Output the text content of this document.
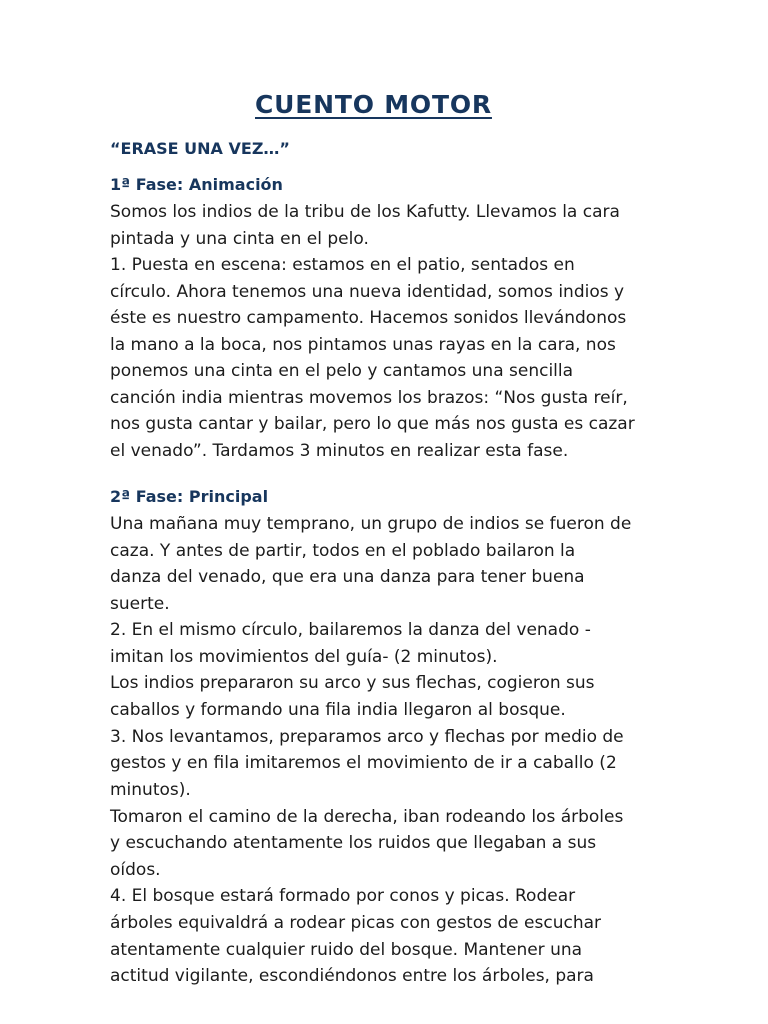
CUENTO MOTOR

“ERASE UNA VEZ…”

1ª Fase: Animación

Somos los indios de la tribu de los Kafutty. Llevamos la cara

pintada y una cinta en el pelo.

1. Puesta en escena: estamos en el patio, sentados en

círculo. Ahora tenemos una nueva identidad, somos indios y

éste es nuestro campamento. Hacemos sonidos llevándonos

la mano a la boca, nos pintamos unas rayas en la cara, nos

ponemos una cinta en el pelo y cantamos una sencilla

canción india mientras movemos los brazos: “Nos gusta reír,

nos gusta cantar y bailar, pero lo que más nos gusta es cazar

el venado”. Tardamos 3 minutos en realizar esta fase.

2ª Fase: Principal

Una mañana muy temprano, un grupo de indios se fueron de

caza. Y antes de partir, todos en el poblado bailaron la

danza del venado, que era una danza para tener buena

suerte.

2. En el mismo círculo, bailaremos la danza del venado -

imitan los movimientos del guía- (2 minutos).

Los indios prepararon su arco y sus flechas, cogieron sus

caballos y formando una fila india llegaron al bosque.

3. Nos levantamos, preparamos arco y flechas por medio de

gestos y en fila imitaremos el movimiento de ir a caballo (2

minutos).

Tomaron el camino de la derecha, iban rodeando los árboles

y escuchando atentamente los ruidos que llegaban a sus

oídos.

4. El bosque estará formado por conos y picas. Rodear

árboles equivaldrá a rodear picas con gestos de escuchar

atentamente cualquier ruido del bosque. Mantener una

actitud vigilante, escondiéndonos entre los árboles, para
